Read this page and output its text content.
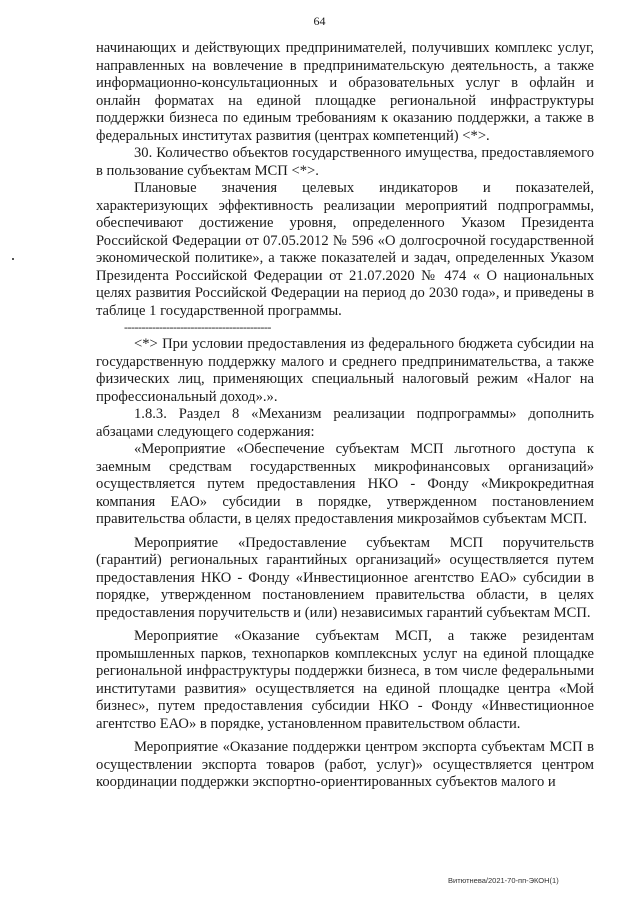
64

начинающих и действующих предпринимателей, получивших комплекс услуг, направленных на вовлечение в предпринимательскую деятельность, а также информационно-консультационных и образовательных услуг в офлайн и онлайн форматах на единой площадке региональной инфраструктуры поддержки бизнеса по единым требованиям к оказанию поддержки, а также в федеральных институтах развития (центрах компетенций) <*>.

30. Количество объектов государственного имущества, предоставляемого в пользование субъектам МСП <*>.

Плановые значения целевых индикаторов и показателей, характеризующих эффективность реализации мероприятий подпрограммы, обеспечивают достижение уровня, определенного Указом Президента Российской Федерации от 07.05.2012 № 596 «О долгосрочной государственной экономической политике», а также показателей и задач, определенных Указом Президента Российской Федерации от 21.07.2020 № 474 « О национальных целях развития Российской Федерации на период до 2030 года», и приведены в таблице 1 государственной программы.

------------------------------------------

<*> При условии предоставления из федерального бюджета субсидии на государственную поддержку малого и среднего предпринимательства, а также физических лиц, применяющих специальный налоговый режим «Налог на профессиональный доход».».

1.8.3. Раздел 8 «Механизм реализации подпрограммы» дополнить абзацами следующего содержания:

«Мероприятие «Обеспечение субъектам МСП льготного доступа к заемным средствам государственных микрофинансовых организаций» осуществляется путем предоставления НКО - Фонду «Микрокредитная компания ЕАО» субсидии в порядке, утвержденном постановлением правительства области, в целях предоставления микрозаймов субъектам МСП.

Мероприятие «Предоставление субъектам МСП поручительств (гарантий) региональных гарантийных организаций» осуществляется путем предоставления НКО - Фонду «Инвестиционное агентство ЕАО» субсидии в порядке, утвержденном постановлением правительства области, в целях предоставления поручительств и (или) независимых гарантий субъектам МСП.

Мероприятие «Оказание субъектам МСП, а также резидентам промышленных парков, технопарков комплексных услуг на единой площадке региональной инфраструктуры поддержки бизнеса, в том числе федеральными институтами развития» осуществляется на единой площадке центра «Мой бизнес», путем предоставления субсидии НКО - Фонду «Инвестиционное агентство ЕАО» в порядке, установленном правительством области.

Мероприятие «Оказание поддержки центром экспорта субъектам МСП в осуществлении экспорта товаров (работ, услуг)» осуществляется центром координации поддержки экспортно-ориентированных субъектов малого и

Витютнева/2021-70-пп-ЭКОН(1)
